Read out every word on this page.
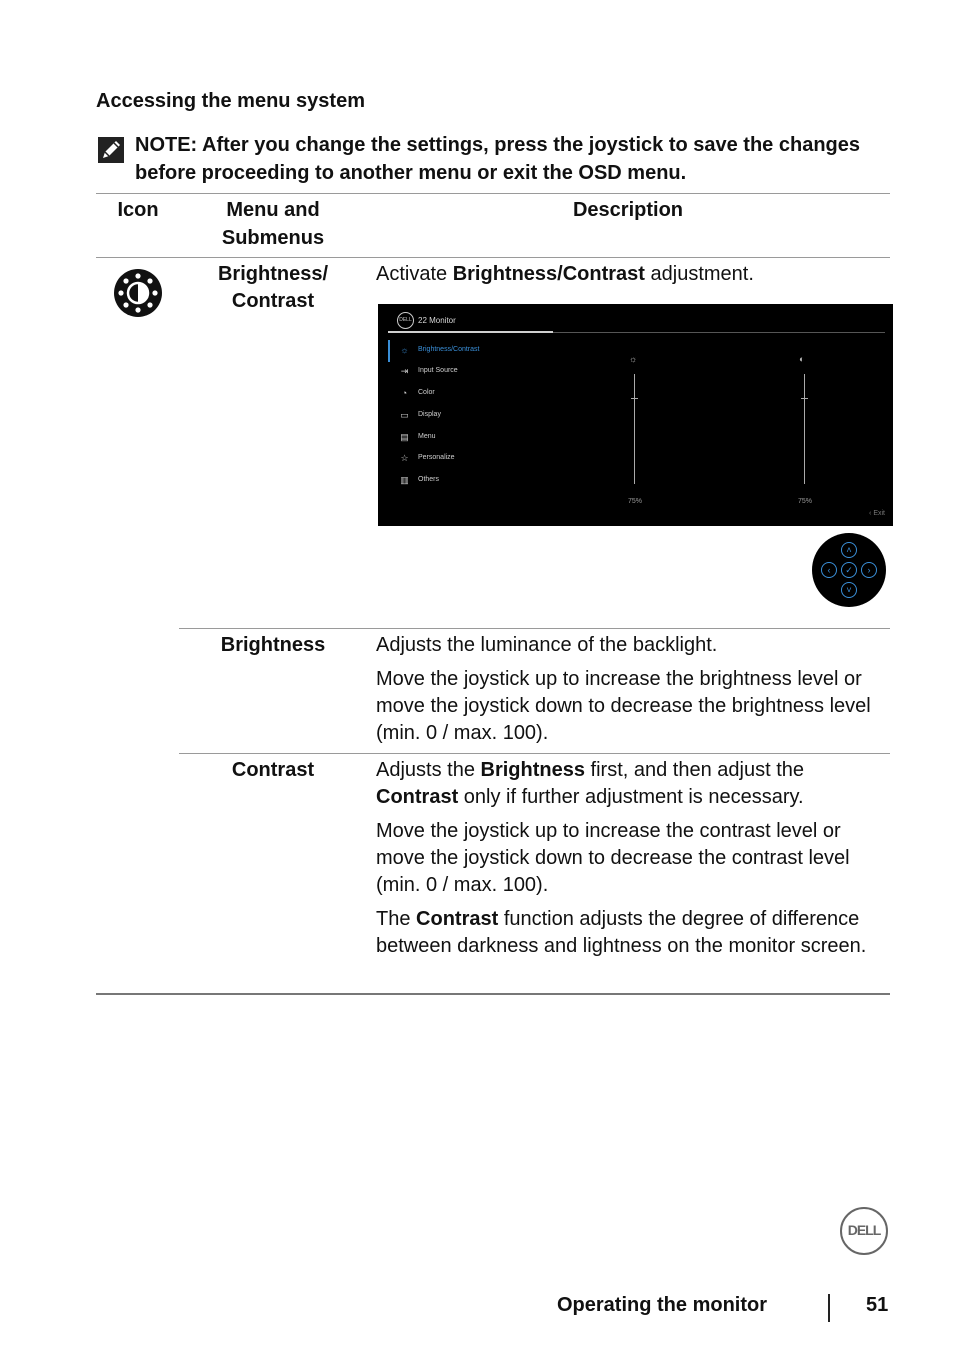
Accessing the menu system
NOTE: After you change the settings, press the joystick to save the changes before proceeding to another menu or exit the OSD menu.
Icon	Menu and Submenus
Description
Brightness/
Contrast

Activate Brightness/Contrast adjustment.

DELL 22 Monitor
☼ Brightness/Contrast
⇥ Input Source
◔	Color
▭ Display
▤ Menu
☆ Personalize
▥ Others
☼
75%
◐
75%
‹ Exit
˄
‹	✓	›
˅
Brightness	Adjusts the luminance of the backlight.

Move the joystick up to increase the brightness level or move the joystick down to decrease the brightness level (min. 0 / max. 100).

Contrast	Adjusts the Brightness first, and then adjust the Contrast only if further adjustment is necessary.

Move the joystick up to increase the contrast level or move the joystick down to decrease the contrast level (min. 0 / max. 100).

The Contrast function adjusts the degree of difference between darkness and lightness on the monitor screen.

DELL
Operating the monitor	51
